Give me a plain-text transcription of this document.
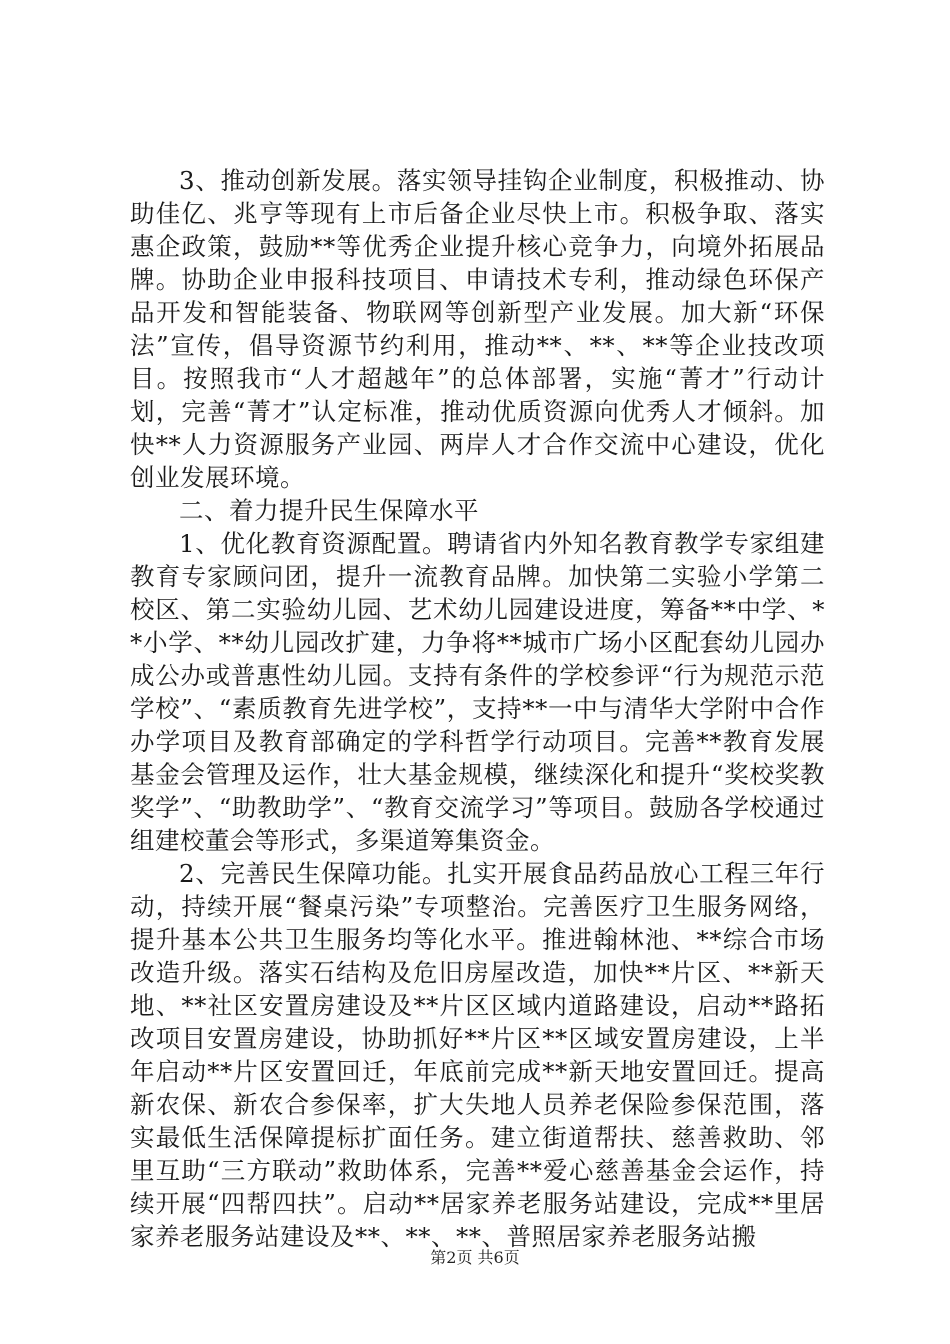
3、推动创新发展。落实领导挂钩企业制度，积极推动、协助佳亿、兆亨等现有上市后备企业尽快上市。积极争取、落实惠企政策，鼓励**等优秀企业提升核心竞争力，向境外拓展品牌。协助企业申报科技项目、申请技术专利，推动绿色环保产品开发和智能装备、物联网等创新型产业发展。加大新“环保法”宣传，倡导资源节约利用，推动**、**、**等企业技改项目。按照我市“人才超越年”的总体部署，实施“菁才”行动计划，完善“菁才”认定标准，推动优质资源向优秀人才倾斜。加快**人力资源服务产业园、两岸人才合作交流中心建设，优化创业发展环境。

二、着力提升民生保障水平

1、优化教育资源配置。聘请省内外知名教育教学专家组建教育专家顾问团，提升一流教育品牌。加快第二实验小学第二校区、第二实验幼儿园、艺术幼儿园建设进度，筹备**中学、**小学、**幼儿园改扩建，力争将**城市广场小区配套幼儿园办成公办或普惠性幼儿园。支持有条件的学校参评“行为规范示范学校”、“素质教育先进学校”，支持**一中与清华大学附中合作办学项目及教育部确定的学科哲学行动项目。完善**教育发展基金会管理及运作，壮大基金规模，继续深化和提升“奖校奖教奖学”、“助教助学”、“教育交流学习”等项目。鼓励各学校通过组建校董会等形式，多渠道筹集资金。

2、完善民生保障功能。扎实开展食品药品放心工程三年行动，持续开展“餐桌污染”专项整治。完善医疗卫生服务网络，提升基本公共卫生服务均等化水平。推进翰林池、**综合市场改造升级。落实石结构及危旧房屋改造，加快**片区、**新天地、**社区安置房建设及**片区区域内道路建设，启动**路拓改项目安置房建设，协助抓好**片区**区域安置房建设，上半年启动**片区安置回迁，年底前完成**新天地安置回迁。提高新农保、新农合参保率，扩大失地人员养老保险参保范围，落实最低生活保障提标扩面任务。建立街道帮扶、慈善救助、邻里互助“三方联动”救助体系，完善**爱心慈善基金会运作，持续开展“四帮四扶”。启动**居家养老服务站建设，完成**里居家养老服务站建设及**、**、**、普照居家养老服务站搬

第2页 共6页
